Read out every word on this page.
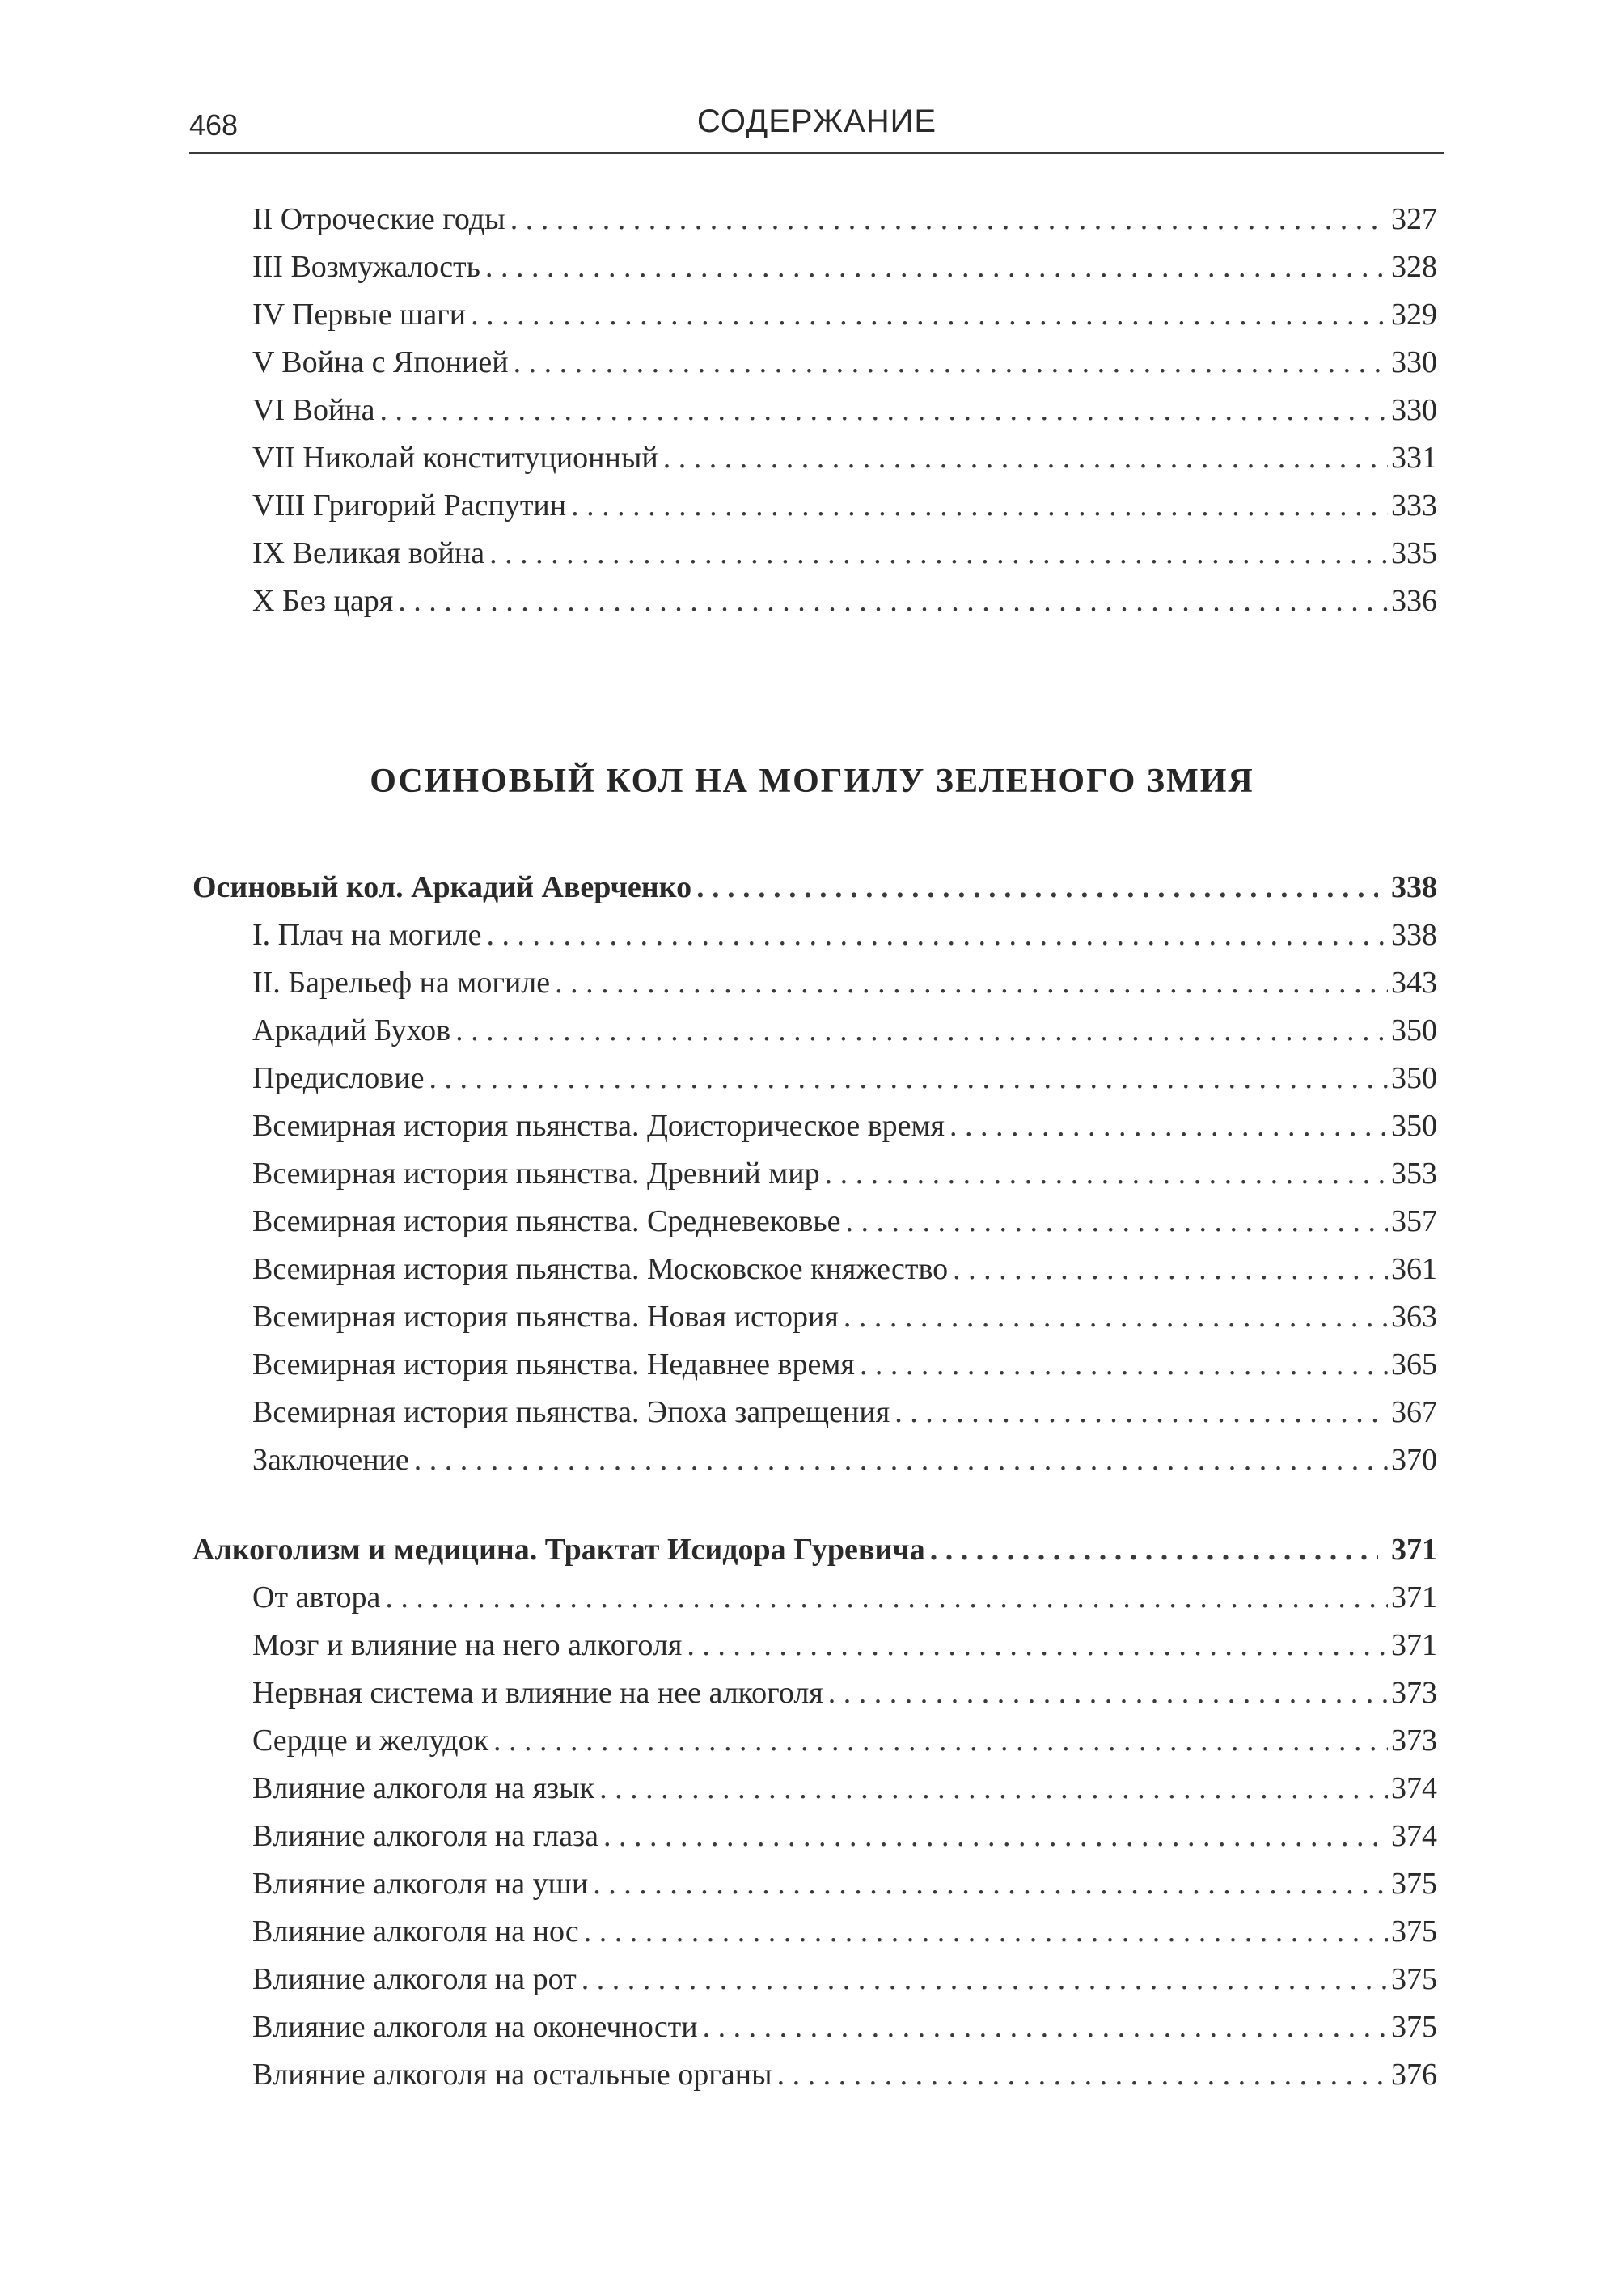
468	СОДЕРЖАНИЕ
II Отроческие годы . . .	327
III Возмужалость . . .	328
IV Первые шаги . . .	329
V Война с Японией . . .	330
VI Война . . .	330
VII Николай конституционный . . .	331
VIII Григорий Распутин . . .	333
IX Великая война . . .	335
X Без царя . . .	336
ОСИНОВЫЙ КОЛ НА МОГИЛУ ЗЕЛЕНОГО ЗМИЯ
Осиновый кол. Аркадий Аверченко . . .	338
I. Плач на могиле . . .	338
II. Барельеф на могиле . . .	343
Аркадий Бухов . . .	350
Предисловие . . .	350
Всемирная история пьянства. Доисторическое время . . .	350
Всемирная история пьянства. Древний мир . . .	353
Всемирная история пьянства. Средневековье . . .	357
Всемирная история пьянства. Московское княжество . . .	361
Всемирная история пьянства. Новая история . . .	363
Всемирная история пьянства. Недавнее время . . .	365
Всемирная история пьянства. Эпоха запрещения . . .	367
Заключение . . .	370
Алкоголизм и медицина. Трактат Исидора Гуревича . . .	371
От автора . . .	371
Мозг и влияние на него алкоголя . . .	371
Нервная система и влияние на нее алкоголя . . .	373
Сердце и желудок . . .	373
Влияние алкоголя на язык . . .	374
Влияние алкоголя на глаза . . .	374
Влияние алкоголя на уши . . .	375
Влияние алкоголя на нос . . .	375
Влияние алкоголя на рот . . .	375
Влияние алкоголя на оконечности . . .	375
Влияние алкоголя на остальные органы . . .	376
